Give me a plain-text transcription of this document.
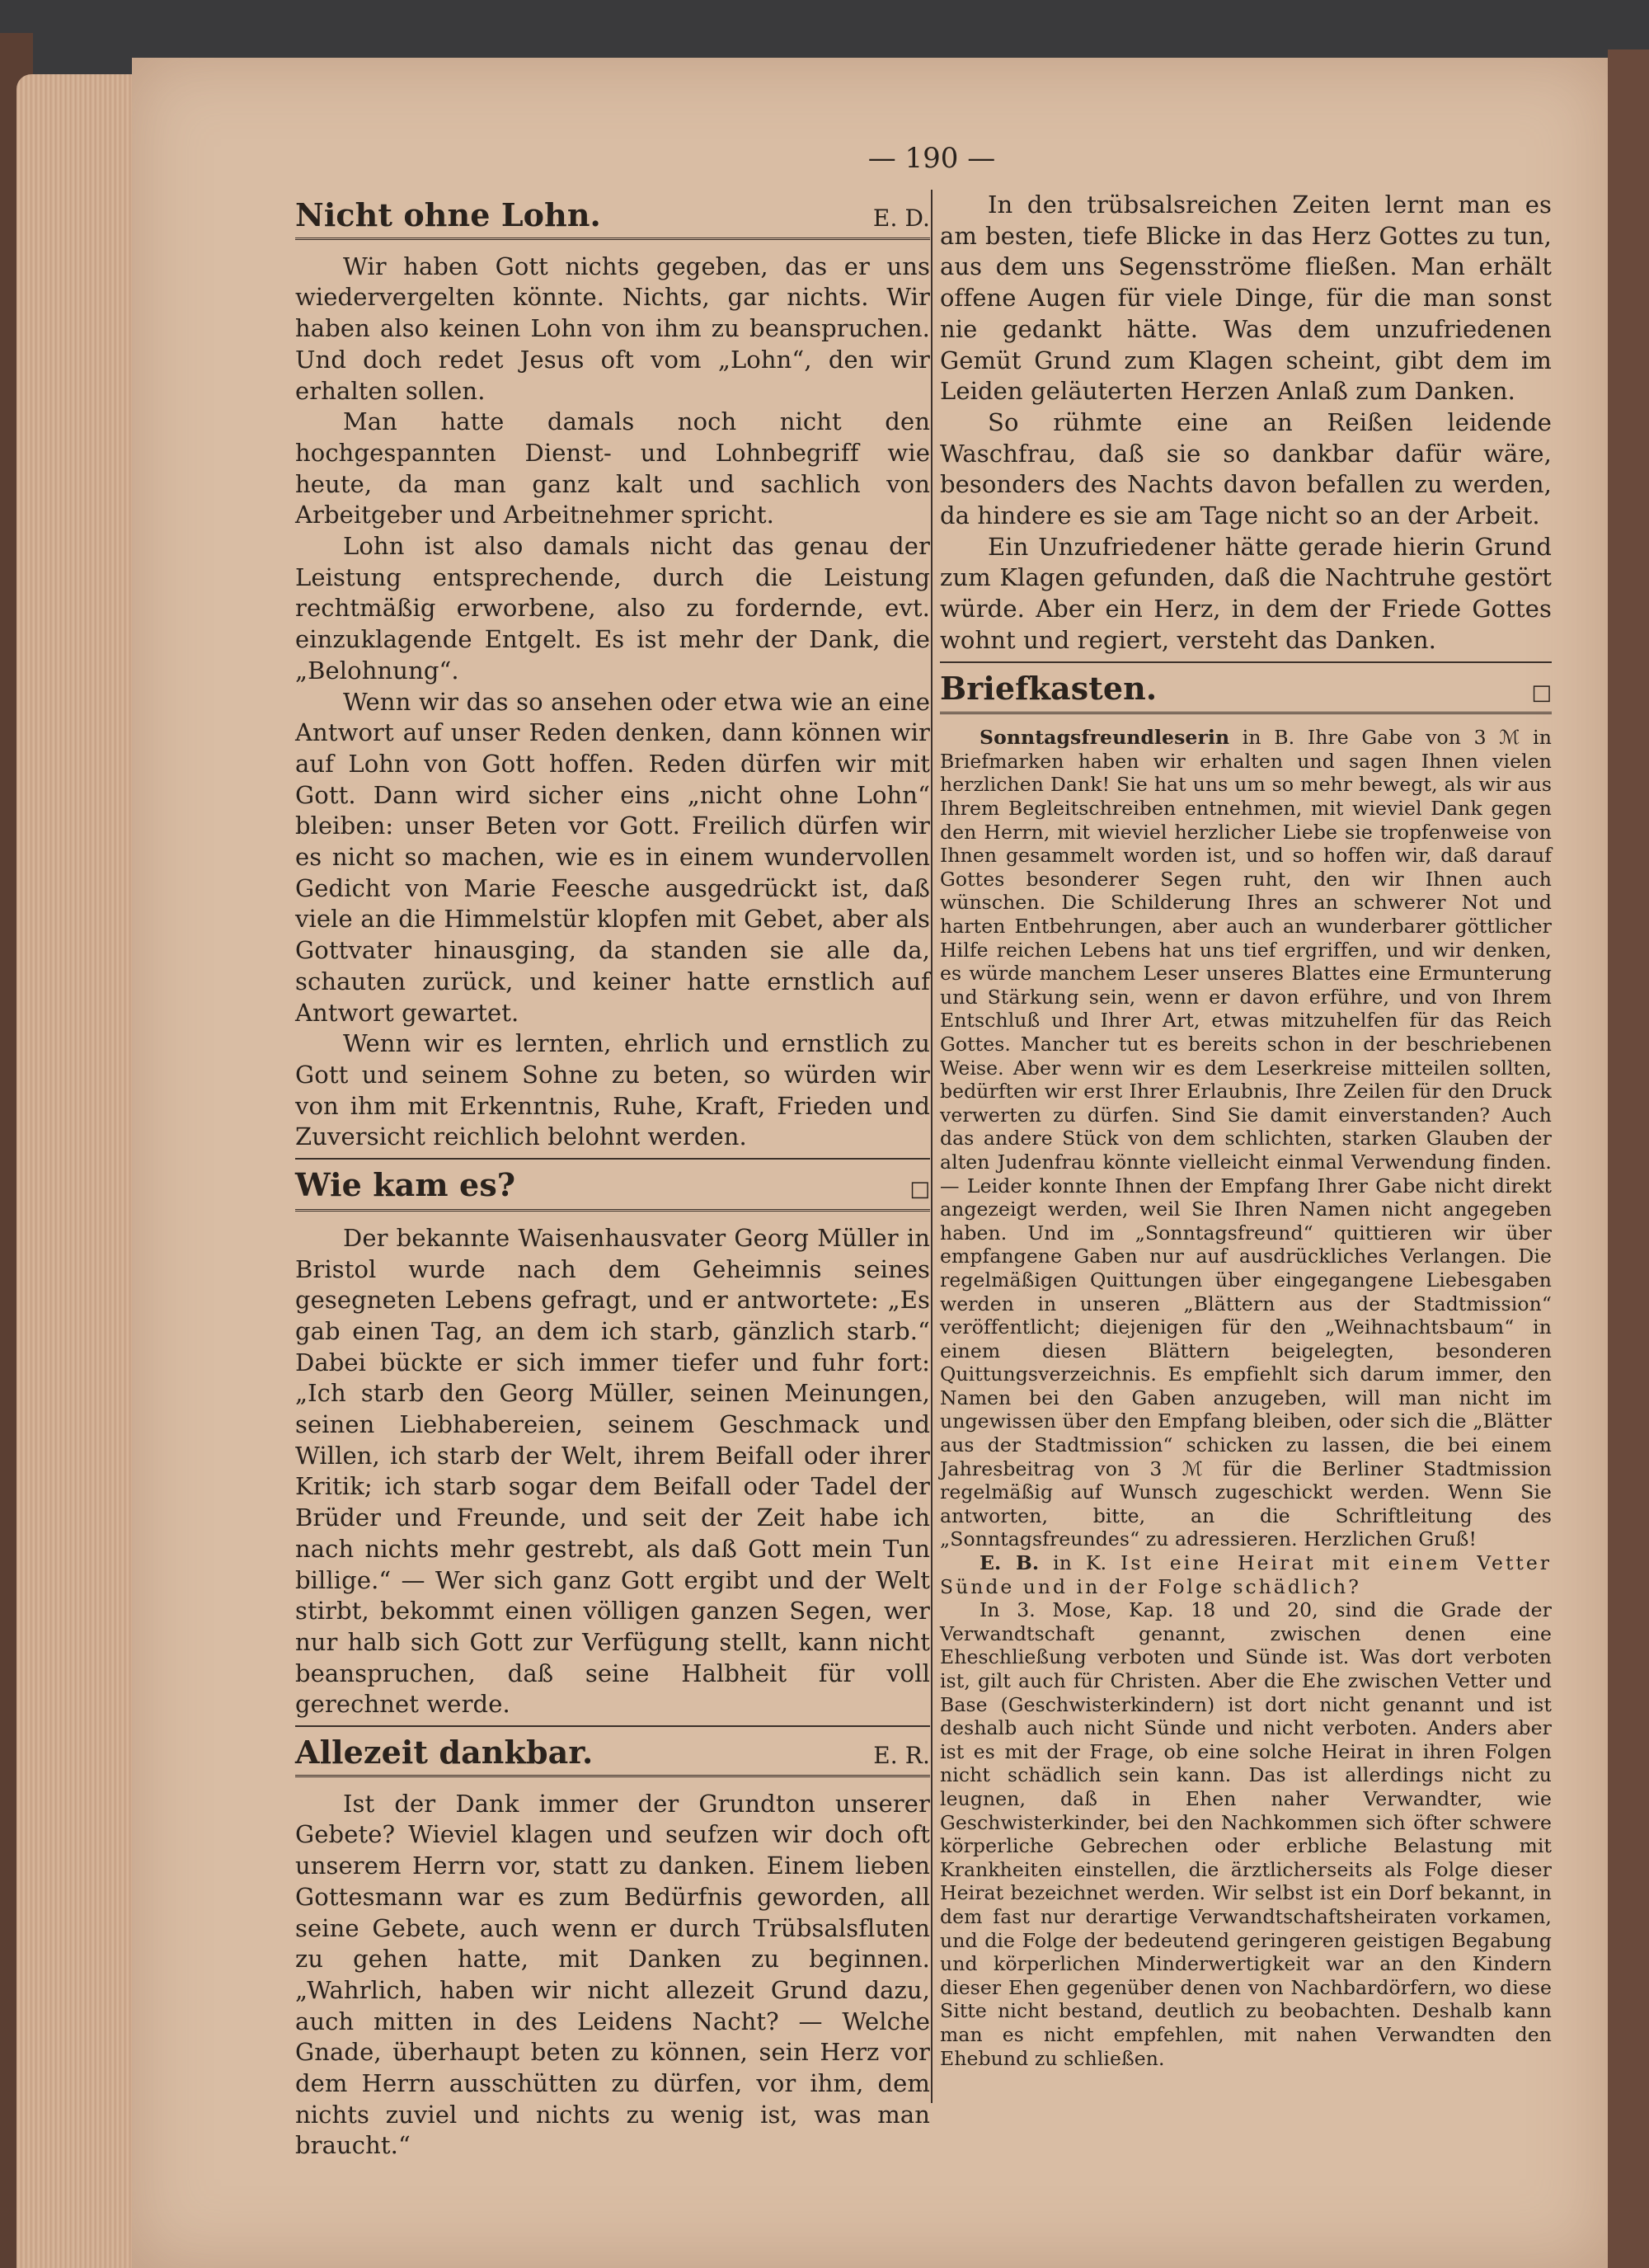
— 190 —
Nicht ohne Lohn.	E. D.

Wir haben Gott nichts gegeben, das er uns wiedervergelten könnte. Nichts, gar nichts. Wir haben also keinen Lohn von ihm zu beanspruchen. Und doch redet Jesus oft vom „Lohn“, den wir erhalten sollen.

Man hatte damals noch nicht den hochgespannten Dienst- und Lohnbegriff wie heute, da man ganz kalt und sachlich von Arbeitgeber und Arbeitnehmer spricht.

Lohn ist also damals nicht das genau der Leistung entsprechende, durch die Leistung rechtmäßig erworbene, also zu fordernde, evt. einzuklagende Entgelt. Es ist mehr der Dank, die „Belohnung“.

Wenn wir das so ansehen oder etwa wie an eine Antwort auf unser Reden denken, dann können wir auf Lohn von Gott hoffen. Reden dürfen wir mit Gott. Dann wird sicher eins „nicht ohne Lohn“ bleiben: unser Beten vor Gott. Freilich dürfen wir es nicht so machen, wie es in einem wundervollen Gedicht von Marie Feesche ausgedrückt ist, daß viele an die Himmelstür klopfen mit Gebet, aber als Gottvater hinausging, da standen sie alle da, schauten zurück, und keiner hatte ernstlich auf Antwort gewartet.

Wenn wir es lernten, ehrlich und ernstlich zu Gott und seinem Sohne zu beten, so würden wir von ihm mit Erkenntnis, Ruhe, Kraft, Frieden und Zuversicht reichlich belohnt werden.

Wie kam es?	□

Der bekannte Waisenhausvater Georg Müller in Bristol wurde nach dem Geheimnis seines gesegneten Lebens gefragt, und er antwortete: „Es gab einen Tag, an dem ich starb, gänzlich starb.“ Dabei bückte er sich immer tiefer und fuhr fort: „Ich starb den Georg Müller, seinen Meinungen, seinen Liebhabereien, seinem Geschmack und Willen, ich starb der Welt, ihrem Beifall oder ihrer Kritik; ich starb sogar dem Beifall oder Tadel der Brüder und Freunde, und seit der Zeit habe ich nach nichts mehr gestrebt, als daß Gott mein Tun billige.“ — Wer sich ganz Gott ergibt und der Welt stirbt, bekommt einen völligen ganzen Segen, wer nur halb sich Gott zur Verfügung stellt, kann nicht beanspruchen, daß seine Halbheit für voll gerechnet werde.

Allezeit dankbar.	E. R.

Ist der Dank immer der Grundton unserer Gebete? Wieviel klagen und seufzen wir doch oft unserem Herrn vor, statt zu danken. Einem lieben Gottesmann war es zum Bedürfnis geworden, all seine Gebete, auch wenn er durch Trübsalsfluten zu gehen hatte, mit Danken zu beginnen. „Wahrlich, haben wir nicht allezeit Grund dazu, auch mitten in des Leidens Nacht? — Welche Gnade, überhaupt beten zu können, sein Herz vor dem Herrn ausschütten zu dürfen, vor ihm, dem nichts zuviel und nichts zu wenig ist, was man braucht.“

In den trübsalsreichen Zeiten lernt man es am besten, tiefe Blicke in das Herz Gottes zu tun, aus dem uns Segensströme fließen. Man erhält offene Augen für viele Dinge, für die man sonst nie gedankt hätte. Was dem unzufriedenen Gemüt Grund zum Klagen scheint, gibt dem im Leiden geläuterten Herzen Anlaß zum Danken.

So rühmte eine an Reißen leidende Waschfrau, daß sie so dankbar dafür wäre, besonders des Nachts davon befallen zu werden, da hindere es sie am Tage nicht so an der Arbeit.

Ein Unzufriedener hätte gerade hierin Grund zum Klagen gefunden, daß die Nachtruhe gestört würde. Aber ein Herz, in dem der Friede Gottes wohnt und regiert, versteht das Danken.

Briefkasten.	□

Sonntagsfreundleserin in B. Ihre Gabe von 3 ℳ in Briefmarken haben wir erhalten und sagen Ihnen vielen herzlichen Dank! Sie hat uns um so mehr bewegt, als wir aus Ihrem Begleitschreiben entnehmen, mit wieviel Dank gegen den Herrn, mit wieviel herzlicher Liebe sie tropfenweise von Ihnen gesammelt worden ist, und so hoffen wir, daß darauf Gottes besonderer Segen ruht, den wir Ihnen auch wünschen. Die Schilderung Ihres an schwerer Not und harten Entbehrungen, aber auch an wunderbarer göttlicher Hilfe reichen Lebens hat uns tief ergriffen, und wir denken, es würde manchem Leser unseres Blattes eine Ermunterung und Stärkung sein, wenn er davon erführe, und von Ihrem Entschluß und Ihrer Art, etwas mitzuhelfen für das Reich Gottes. Mancher tut es bereits schon in der beschriebenen Weise. Aber wenn wir es dem Leserkreise mitteilen sollten, bedürften wir erst Ihrer Erlaubnis, Ihre Zeilen für den Druck verwerten zu dürfen. Sind Sie damit einverstanden? Auch das andere Stück von dem schlichten, starken Glauben der alten Judenfrau könnte vielleicht einmal Verwendung finden. — Leider konnte Ihnen der Empfang Ihrer Gabe nicht direkt angezeigt werden, weil Sie Ihren Namen nicht angegeben haben. Und im „Sonntagsfreund“ quittieren wir über empfangene Gaben nur auf ausdrückliches Verlangen. Die regelmäßigen Quittungen über eingegangene Liebesgaben werden in unseren „Blättern aus der Stadtmission“ veröffentlicht; diejenigen für den „Weihnachtsbaum“ in einem diesen Blättern beigelegten, besonderen Quittungsverzeichnis. Es empfiehlt sich darum immer, den Namen bei den Gaben anzugeben, will man nicht im ungewissen über den Empfang bleiben, oder sich die „Blätter aus der Stadtmission“ schicken zu lassen, die bei einem Jahresbeitrag von 3 ℳ für die Berliner Stadtmission regelmäßig auf Wunsch zugeschickt werden. Wenn Sie antworten, bitte, an die Schriftleitung des „Sonntagsfreundes“ zu adressieren. Herzlichen Gruß!

E. B. in K. Ist eine Heirat mit einem Vetter Sünde und in der Folge schädlich?

In 3. Mose, Kap. 18 und 20, sind die Grade der Verwandtschaft genannt, zwischen denen eine Eheschließung verboten und Sünde ist. Was dort verboten ist, gilt auch für Christen. Aber die Ehe zwischen Vetter und Base (Geschwisterkindern) ist dort nicht genannt und ist deshalb auch nicht Sünde und nicht verboten. Anders aber ist es mit der Frage, ob eine solche Heirat in ihren Folgen nicht schädlich sein kann. Das ist allerdings nicht zu leugnen, daß in Ehen naher Verwandter, wie Geschwisterkinder, bei den Nachkommen sich öfter schwere körperliche Gebrechen oder erbliche Belastung mit Krankheiten einstellen, die ärztlicherseits als Folge dieser Heirat bezeichnet werden. Wir selbst ist ein Dorf bekannt, in dem fast nur derartige Verwandtschaftsheiraten vorkamen, und die Folge der bedeutend geringeren geistigen Begabung und körperlichen Minderwertigkeit war an den Kindern dieser Ehen gegenüber denen von Nachbardörfern, wo diese Sitte nicht bestand, deutlich zu beobachten. Deshalb kann man es nicht empfehlen, mit nahen Verwandten den Ehebund zu schließen.
